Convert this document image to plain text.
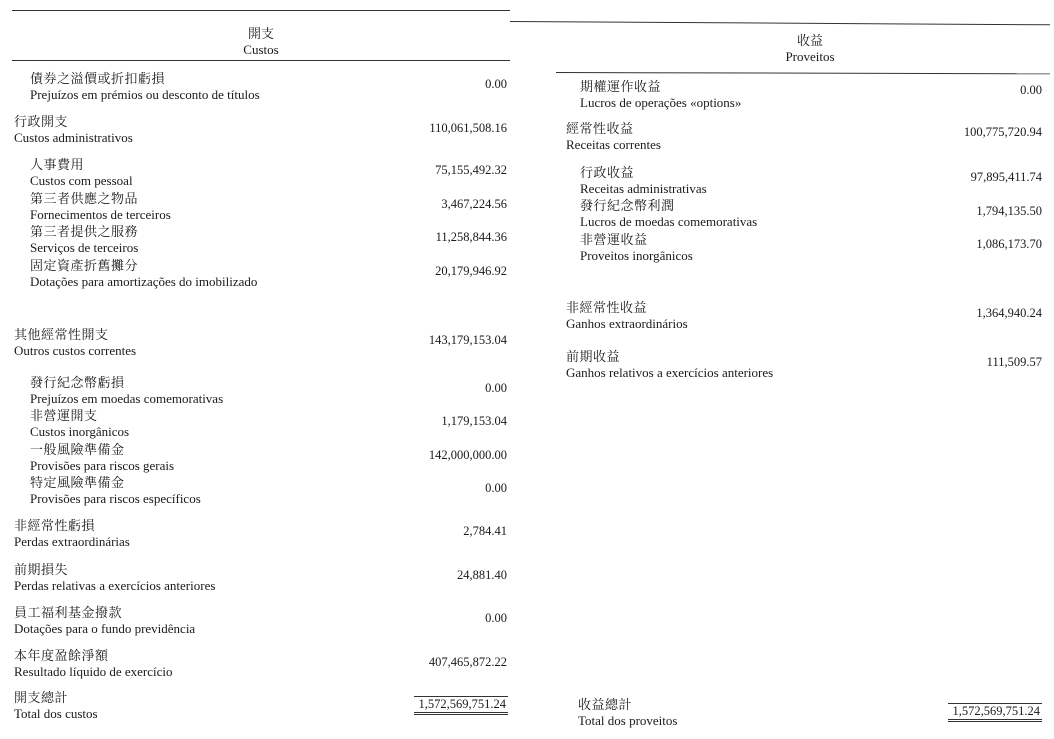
開支
Custos
收益
Proveitos
債券之溢價或折扣虧損
Prejuízos em prémios ou desconto de títulos
0.00
行政開支
Custos administrativos
110,061,508.16
人事費用
Custos com pessoal
75,155,492.32
第三者供應之物品
Fornecimentos de terceiros
3,467,224.56
第三者提供之服務
Serviços de terceiros
11,258,844.36
固定資產折舊攤分
Dotações para amortizações do imobilizado
20,179,946.92
其他經常性開支
Outros custos correntes
143,179,153.04
發行紀念幣虧損
Prejuízos em moedas comemorativas
0.00
非營運開支
Custos inorgânicos
1,179,153.04
一般風險準備金
Provisões para riscos gerais
142,000,000.00
特定風險準備金
Provisões para riscos específicos
0.00
非經常性虧損
Perdas extraordinárias
2,784.41
前期損失
Perdas relativas a exercícios anteriores
24,881.40
員工福利基金撥款
Dotações para o fundo previdência
0.00
本年度盈餘淨額
Resultado líquido de exercício
407,465,872.22
開支總計
Total dos custos
1,572,569,751.24
期權運作收益
Lucros de operações «options»
0.00
經常性收益
Receitas correntes
100,775,720.94
行政收益
Receitas administrativas
97,895,411.74
發行紀念幣利潤
Lucros de moedas comemorativas
1,794,135.50
非營運收益
Proveitos inorgânicos
1,086,173.70
非經常性收益
Ganhos extraordinários
1,364,940.24
前期收益
Ganhos relativos a exercícios anteriores
111,509.57
收益總計
Total dos proveitos
1,572,569,751.24
